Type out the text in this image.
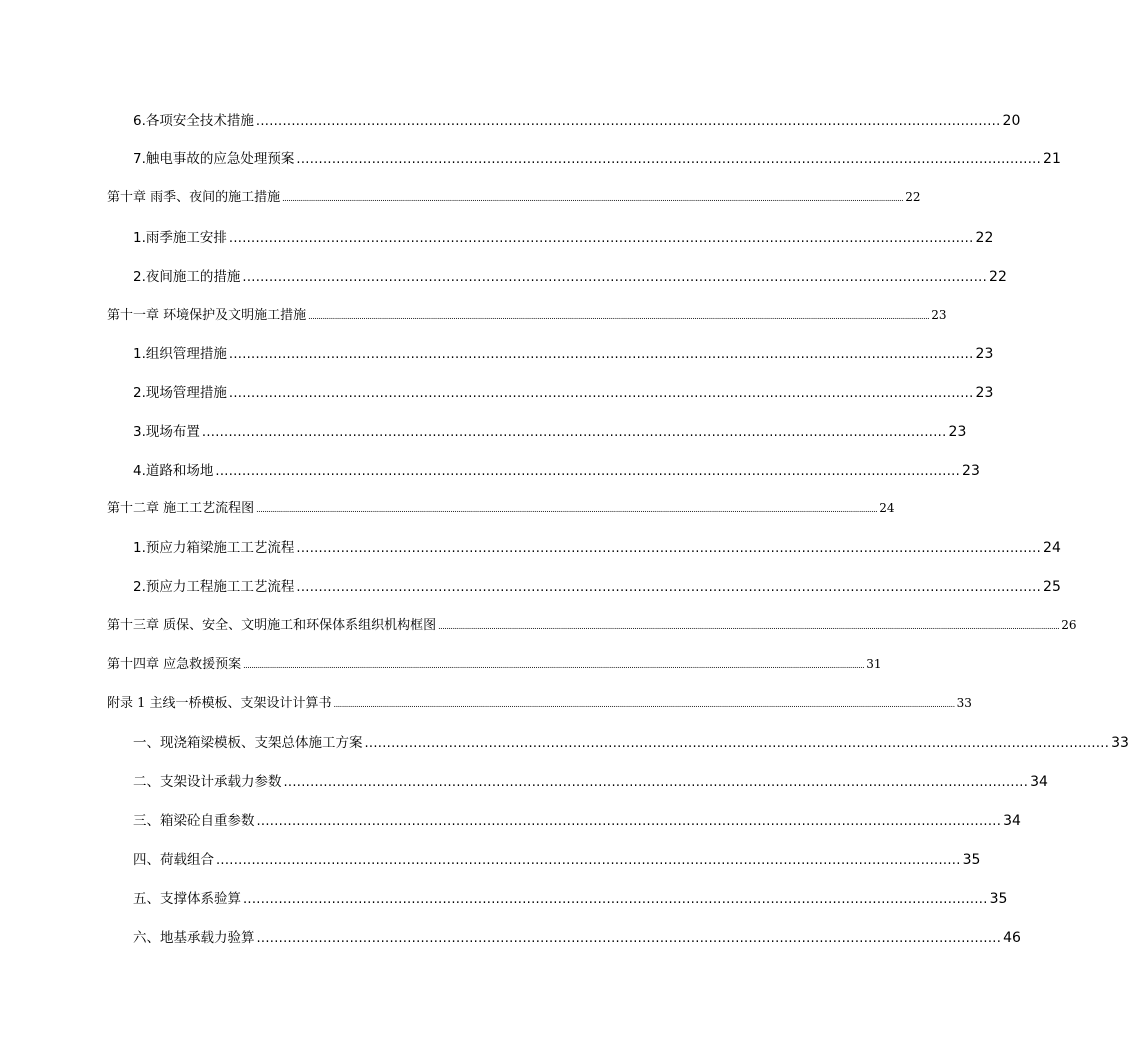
6.各项安全技术措施 ........................................................................................................................................................................ 20
7.触电事故的应急处理预案 ........................................................................................................................................................................ 21
第十章 雨季、夜间的施工措施 ................................................................................................................................................................................................................................................................................................................ 22
1.雨季施工安排 ........................................................................................................................................................................ 22
2.夜间施工的措施 ........................................................................................................................................................................ 22
第十一章 环境保护及文明施工措施 ................................................................................................................................................................................................................................................................................................................ 23
1.组织管理措施 ........................................................................................................................................................................ 23
2.现场管理措施 ........................................................................................................................................................................ 23
3.现场布置 ........................................................................................................................................................................ 23
4.道路和场地 ........................................................................................................................................................................ 23
第十二章 施工工艺流程图 ................................................................................................................................................................................................................................................................................................................ 24
1.预应力箱梁施工工艺流程 ........................................................................................................................................................................ 24
2.预应力工程施工工艺流程 ........................................................................................................................................................................ 25
第十三章 质保、安全、文明施工和环保体系组织机构框图 ................................................................................................................................................................................................................................................................................................................ 26
第十四章 应急救援预案 ................................................................................................................................................................................................................................................................................................................ 31
附录 1 主线一桥模板、支架设计计算书 ................................................................................................................................................................................................................................................................................................................ 33
一、现浇箱梁模板、支架总体施工方案 ........................................................................................................................................................................ 33
二、支架设计承载力参数 ........................................................................................................................................................................ 34
三、箱梁砼自重参数 ........................................................................................................................................................................ 34
四、荷载组合 ........................................................................................................................................................................ 35
五、支撑体系验算 ........................................................................................................................................................................ 35
六、地基承载力验算 ........................................................................................................................................................................ 46
